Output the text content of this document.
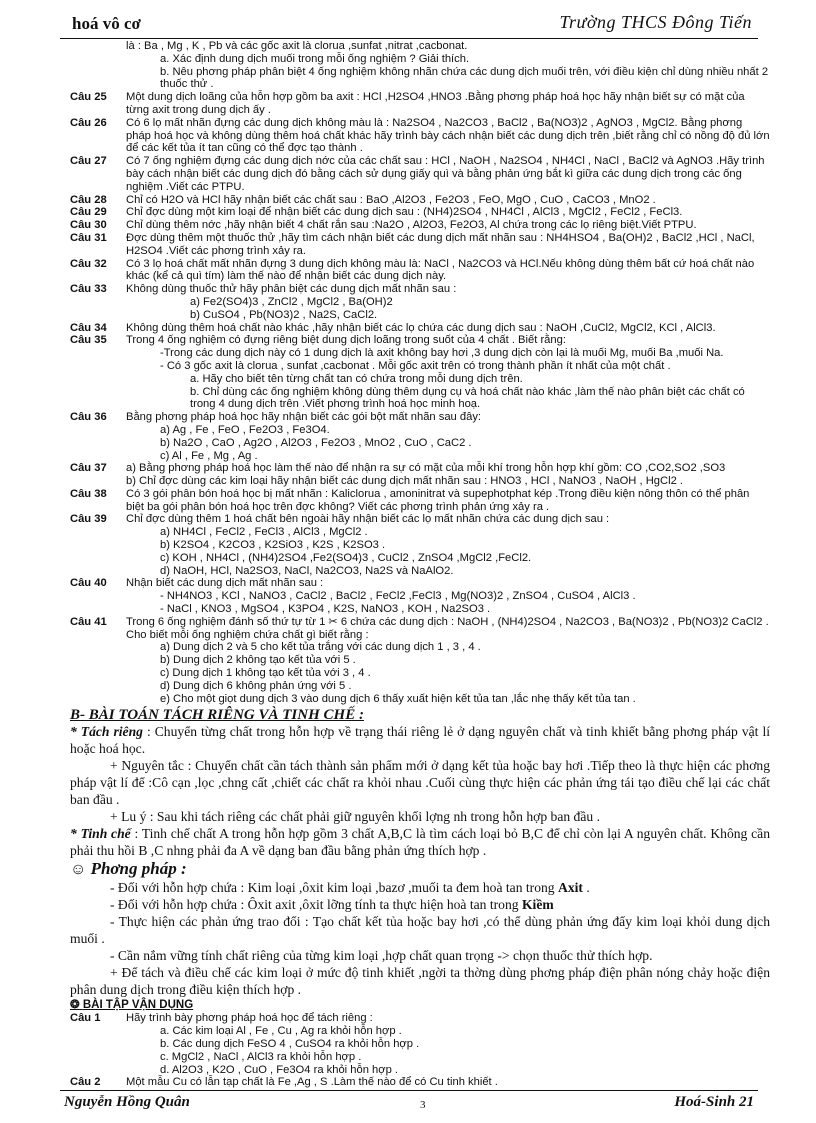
hoá vô cơ	Trường THCS Đông Tiến
là : Ba , Mg , K , Pb và các gốc axit là clorua ,sunfat ,nitrat ,cacbonat.
a. Xác định dung dịch muối trong mỗi ống nghiệm ? Giải thích.
b. Nêu phơng pháp phân biệt 4 ống nghiệm không nhãn chứa các dung dịch muối trên, với điều kiện chỉ dùng nhiều nhất 2 thuốc thử .
Câu 25	Một dung dịch loãng của hỗn hợp gồm ba axit : HCl ,H2SO4 ,HNO3 .Bằng phơng pháp hoá học hãy nhận biết sự có mặt của từng axit trong dung dịch ấy .
Câu 26	Có 6 lọ mất nhãn đựng các dung dịch không màu là : Na2SO4 , Na2CO3 , BaCl2 , Ba(NO3)2 , AgNO3 , MgCl2. Bằng phơng pháp hoá học và không dùng thêm hoá chất khác hãy trình bày cách nhận biết các dung dịch trên ,biết rằng chỉ có nồng độ đủ lớn để các kết tủa ít tan cũng có thể đợc tạo thành .
Câu 27	Có 7 ống nghiệm đựng các dung dịch nớc của các chất sau : HCl , NaOH , Na2SO4 , NH4Cl , NaCl , BaCl2 và AgNO3 .Hãy trình bày cách nhận biết các dung dịch đó bằng cách sử dụng giấy quì và bằng phản ứng bắt kì giữa các dung dịch trong các ống nghiệm .Viết các PTPU.
Câu 28	Chỉ có H2O và HCl hãy nhận biết các chất sau : BaO ,Al2O3 , Fe2O3 , FeO, MgO , CuO , CaCO3 , MnO2 .
Câu 29	Chỉ đợc dùng một kim loại để nhận biết các dung dịch sau : (NH4)2SO4 , NH4Cl , AlCl3 , MgCl2 , FeCl2 , FeCl3.
Câu 30	Chỉ dùng thêm nớc ,hãy nhận biết 4 chất rắn sau :Na2O , Al2O3, Fe2O3, Al chứa trong các lọ riêng biệt.Viết PTPU.
Câu 31	Đợc dùng thêm một thuốc thử ,hãy tìm cách nhận biết các dung dịch mất nhãn sau : NH4HSO4 , Ba(OH)2 , BaCl2 ,HCl , NaCl, H2SO4 .Viết các phơng trình xảy ra.
Câu 32	Có 3 lọ hoá chất mất nhãn đựng 3 dung dịch không màu là: NaCl , Na2CO3 và HCl.Nếu không dùng thêm bất cứ hoá chất nào khác (kể cả quì tím) làm thế nào để nhận biết các dung dịch này.
Câu 33	Không dùng thuốc thử hãy phân biệt các dung dịch mất nhãn sau :
a) Fe2(SO4)3 , ZnCl2 , MgCl2 , Ba(OH)2
b) CuSO4 , Pb(NO3)2 , Na2S, CaCl2.
Câu 34	Không dùng thêm hoá chất nào khác ,hãy nhận biết các lọ chứa các dung dịch sau : NaOH ,CuCl2, MgCl2, KCl , AlCl3.
Câu 35	Trong 4 ống nghiệm có đựng riêng biệt dung dịch loãng trong suốt của 4 chất . Biết rằng:
-Trong các dung dịch này có 1 dung dịch là axit không bay hơi ,3 dung dịch còn lại là muối Mg, muối Ba ,muối Na.
- Có 3 gốc axit là clorua , sunfat ,cacbonat . Mỗi gốc axit trên có trong thành phần ít nhất của một chất .
a. Hãy cho biết tên từng chất tan có chứa trong mỗi dung dịch trên.
b. Chỉ dùng các ống nghiệm không dùng thêm dụng cụ và hoá chất nào khác ,làm thế nào phân biệt các chất có trong 4 dung dịch trên .Viết phơng trình hoá học minh hoạ.
Câu 36	Bằng phơng pháp hoá học hãy nhận biết các gói bột mất nhãn sau đây:
a) Ag , Fe , FeO , Fe2O3 , Fe3O4.
b) Na2O , CaO , Ag2O , Al2O3 , Fe2O3 , MnO2 , CuO , CaC2 .
c) Al , Fe , Mg , Ag .
Câu 37	a) Bằng phơng pháp hoá học làm thế nào để nhận ra sự có mặt của mỗi khí trong hỗn hợp khí gồm: CO ,CO2,SO2 ,SO3
b) Chỉ đợc dùng các kim loại hãy nhận biết các dung dịch mất nhãn sau : HNO3 , HCl , NaNO3 , NaOH , HgCl2 .
Câu 38	Có 3 gói phân bón hoá học bị mất nhãn : Kaliclorua , amoninitrat và supephotphat kép .Trong điều kiện nông thôn có thể phân biệt ba gói phân bón hoá học trên đợc không? Viết các phơng trình phản ứng xảy ra .
Câu 39	Chỉ đợc dùng thêm 1 hoá chất bên ngoài hãy nhận biết các lọ mất nhãn chứa các dung dịch sau :
a) NH4Cl , FeCl2 , FeCl3 , AlCl3 , MgCl2 .
b) K2SO4 , K2CO3 , K2SiO3 , K2S , K2SO3 .
c) KOH , NH4Cl , (NH4)2SO4 ,Fe2(SO4)3 , CuCl2 , ZnSO4 ,MgCl2 ,FeCl2.
d) NaOH, HCl, Na2SO3, NaCl, Na2CO3, Na2S và NaAlO2.
Câu 40	Nhận biết các dung dịch mất nhãn sau :
- NH4NO3 , KCl , NaNO3 , CaCl2 , BaCl2 , FeCl2 ,FeCl3 , Mg(NO3)2 , ZnSO4 , CuSO4 , AlCl3 .
- NaCl , KNO3 , MgSO4 , K3PO4 , K2S, NaNO3 , KOH , Na2SO3 .
Câu 41	Trong 6 ống nghiệm đánh số thứ tự từ 1 ✂ 6 chứa các dung dịch : NaOH , (NH4)2SO4 , Na2CO3 , Ba(NO3)2 , Pb(NO3)2 CaCl2 . Cho biết mỗi ống nghiệm chứa chất gì biết rằng :
a) Dung dịch 2 và 5 cho kết tủa trắng với các dung dịch 1 , 3 , 4 .
b) Dung dịch 2 không tạo kết tủa với 5 .
c) Dung dịch 1 không tạo kết tủa với 3 , 4 .
d) Dung dịch 6 không phản ứng với 5 .
e) Cho một giọt dung dịch 3 vào dung dịch 6 thấy xuất hiện kết tủa tan ,lắc nhẹ thấy kết tủa tan .
B- BÀI TOÁN TÁCH RIÊNG VÀ TINH CHẾ :
* Tách riêng : Chuyển từng chất trong hỗn hợp về trạng thái riêng lẻ ở dạng nguyên chất và tinh khiết bằng phơng pháp vật lí hoặc hoá học.
+ Nguyên tắc : Chuyển chất cần tách thành sản phẩm mới ở dạng kết tủa hoặc bay hơi .Tiếp theo là thực hiện các phơng pháp vật lí để :Cô cạn ,lọc ,chng cất ,chiết các chất ra khỏi nhau .Cuối cùng thực hiện các phản ứng tái tạo điều chế lại các chất ban đầu .
+ Lu ý : Sau khi tách riêng các chất phải giữ nguyên khối lợng nh trong hỗn hợp ban đầu .
* Tinh chế : Tinh chế chất A trong hỗn hợp gồm 3 chất A,B,C là tìm cách loại bỏ B,C để chỉ còn lại A nguyên chất. Không cần phải thu hồi B ,C nhng phải đa A về dạng ban đầu bằng phản ứng thích hợp .
☺ Phơng pháp :
- Đối với hỗn hợp chứa : Kim loại ,ôxit kim loại ,bazơ ,muối ta đem hoà tan trong Axit .
- Đối với hỗn hợp chứa : Ôxit axit ,ôxit lỡng tính ta thực hiện hoà tan trong Kiềm
- Thực hiện các phản ứng trao đổi : Tạo chất kết tủa hoặc bay hơi ,có thể dùng phản ứng đẩy kim loại khỏi dung dịch muối .
- Cần nắm vững tính chất riêng của từng kim loại ,hợp chất quan trọng -> chọn thuốc thử thích hợp.
+ Để tách và điều chế các kim loại ở mức độ tinh khiết ,ngời ta thờng dùng phơng pháp điện phân nóng chảy hoặc điện phân dung dịch trong điều kiện thích hợp .
❂ BÀI TẬP VẬN DỤNG
Câu 1	Hãy trình bày phơng pháp hoá học để tách riêng :
a. Các kim loại Al , Fe , Cu , Ag ra khỏi hỗn hợp .
b. Các dung dịch FeSO 4 , CuSO4 ra khỏi hỗn hợp .
c. MgCl2 , NaCl , AlCl3 ra khỏi hỗn hợp .
d. Al2O3 , K2O , CuO , Fe3O4 ra khỏi hỗn hợp .
Câu 2	Một mẫu Cu có lẫn tạp chất là Fe ,Ag , S .Làm thế nào để có Cu tinh khiết .
Nguyễn Hồng Quân	3	Hoá-Sinh 21
